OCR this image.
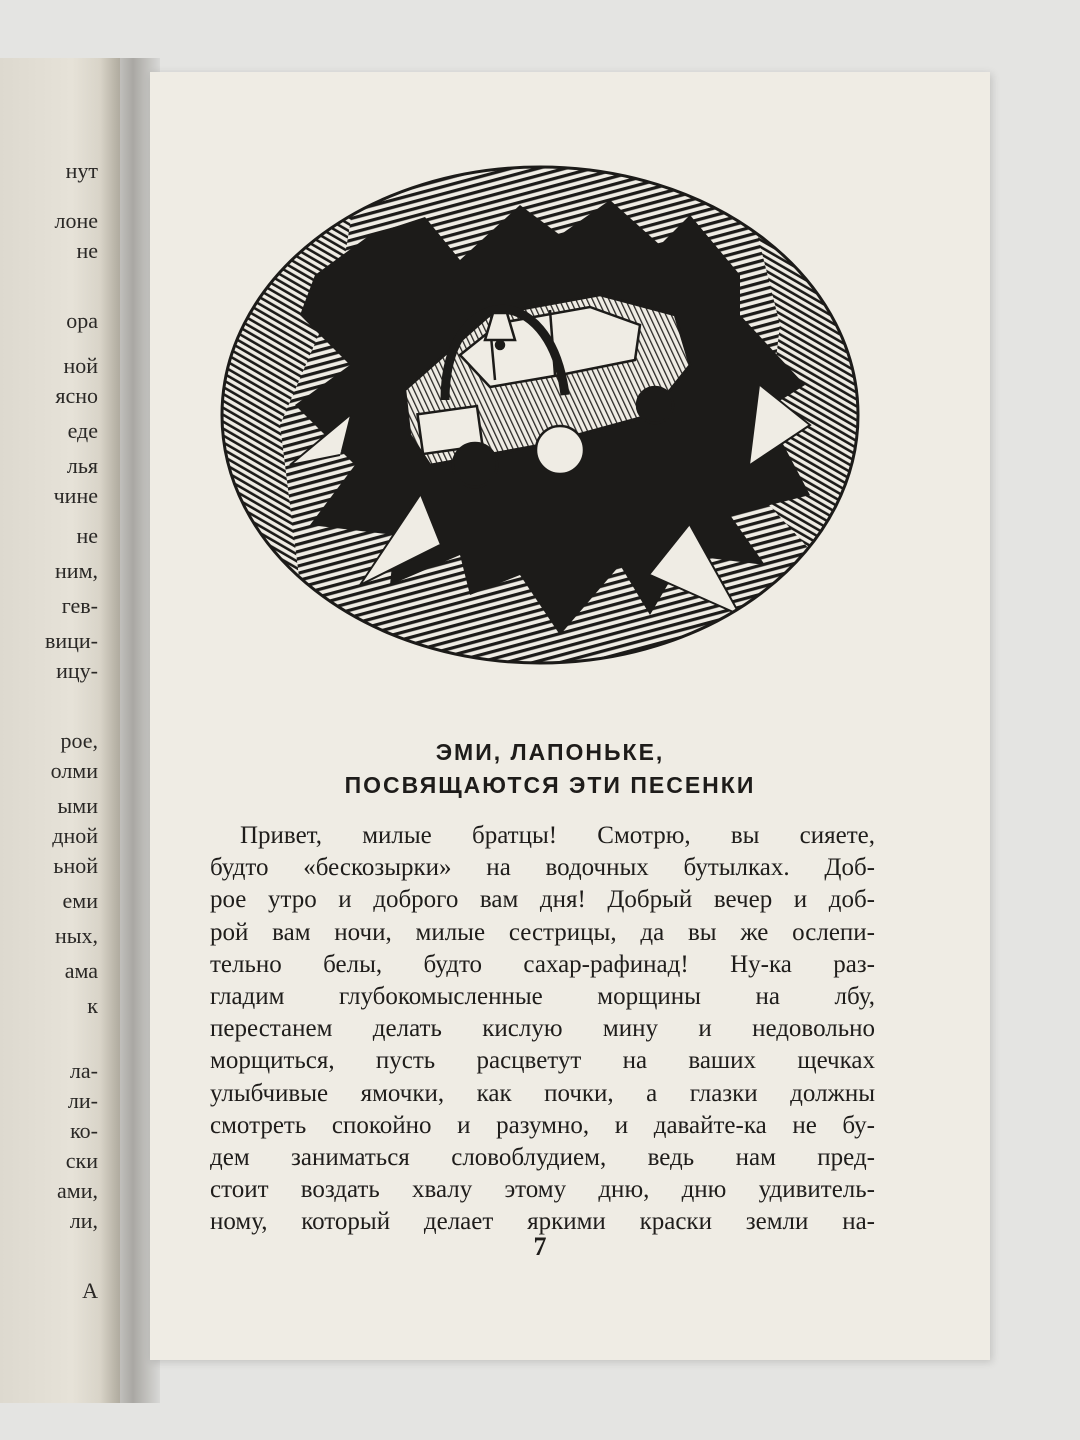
нут
лоне
не
ора
ной
ясно
еде
лья
чине
не
ним,
гев-
вици-
ицу-
рое,
олми
ыми
дной
ьной
еми
ных,
ама
к
ла-
ли-
ко-
ски
ами,
ли,
А
ЭМИ, ЛАПОНЬКЕ,
ПОСВЯЩАЮТСЯ ЭТИ ПЕСЕНКИ
Привет, милые братцы! Смотрю, вы сияете,
будто «бескозырки» на водочных бутылках. Доб-
рое утро и доброго вам дня! Добрый вечер и доб-
рой вам ночи, милые сестрицы, да вы же ослепи-
тельно белы, будто сахар-рафинад! Ну-ка раз-
гладим глубокомысленные морщины на лбу,
перестанем делать кислую мину и недовольно
морщиться, пусть расцветут на ваших щечках
улыбчивые ямочки, как почки, а глазки должны
смотреть спокойно и разумно, и давайте-ка не бу-
дем заниматься словоблудием, ведь нам пред-
стоит воздать хвалу этому дню, дню удивитель-
ному, который делает яркими краски земли на-
7
